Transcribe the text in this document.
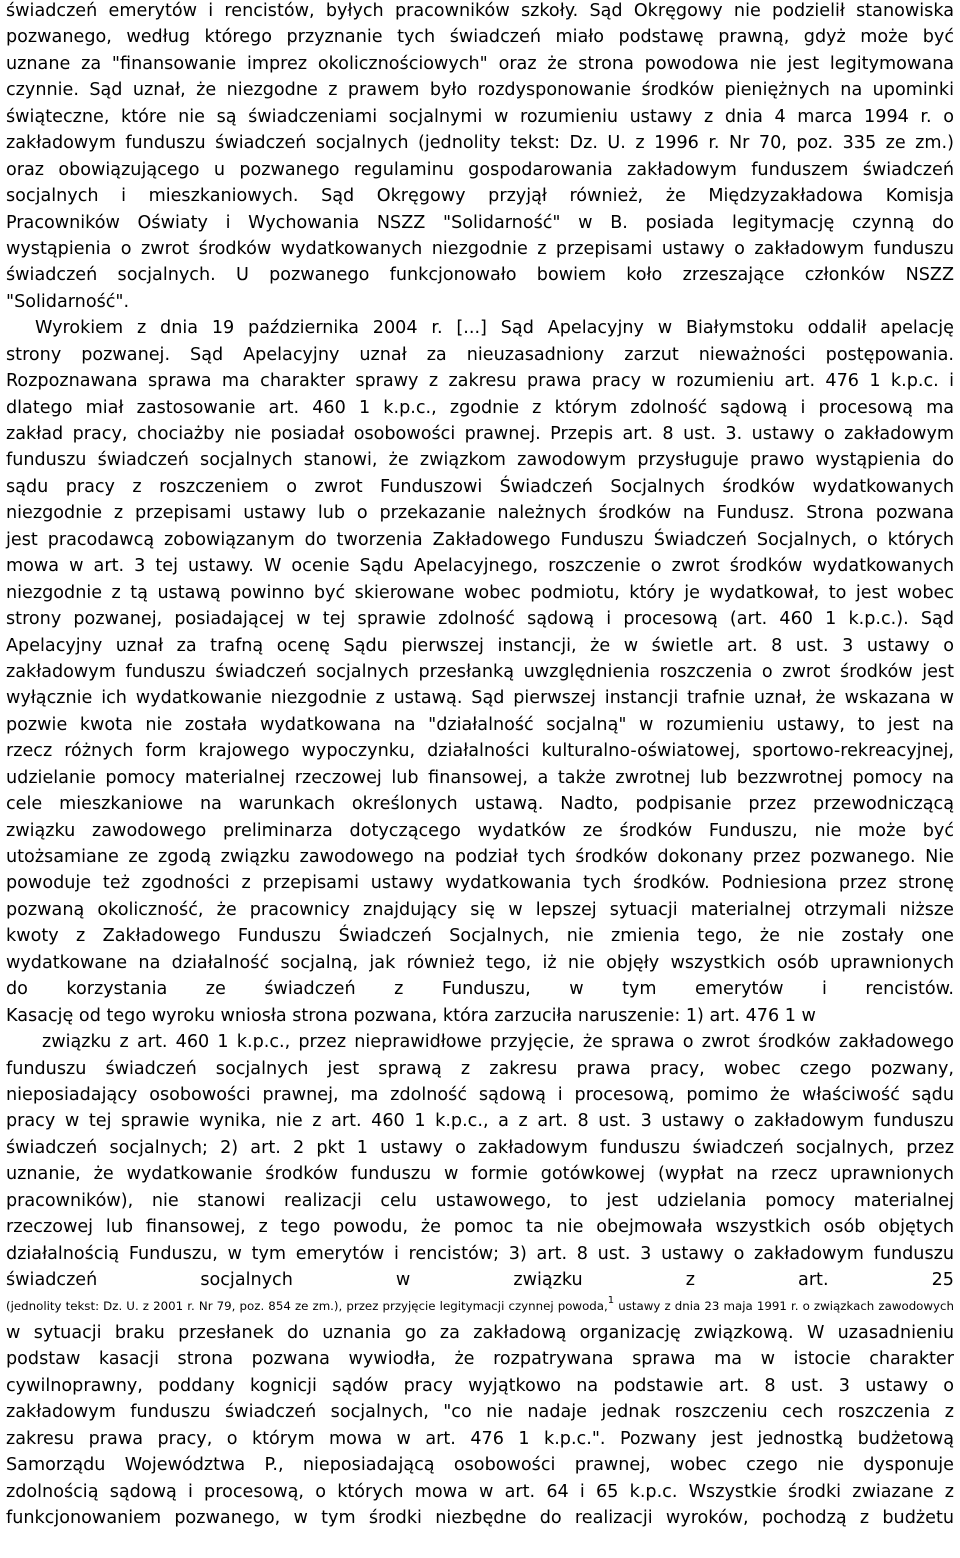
świadczeń emerytów i rencistów, byłych pracowników szkoły. Sąd Okręgowy nie podzielił stanowiska
pozwanego, według którego przyznanie tych świadczeń miało podstawę prawną, gdyż może być
uznane za "finansowanie imprez okolicznościowych" oraz że strona powodowa nie jest legitymowana
czynnie. Sąd uznał, że niezgodne z prawem było rozdysponowanie środków pieniężnych na upominki
świąteczne, które nie są świadczeniami socjalnymi w rozumieniu ustawy z dnia 4 marca 1994 r. o
zakładowym funduszu świadczeń socjalnych (jednolity tekst: Dz. U. z 1996 r. Nr 70, poz. 335 ze zm.)
oraz obowiązującego u pozwanego regulaminu gospodarowania zakładowym funduszem świadczeń
socjalnych i mieszkaniowych. Sąd Okręgowy przyjął również, że Międzyzakładowa Komisja
Pracowników Oświaty i Wychowania NSZZ "Solidarność" w B. posiada legitymację czynną do
wystąpienia o zwrot środków wydatkowanych niezgodnie z przepisami ustawy o zakładowym funduszu
świadczeń socjalnych. U pozwanego funkcjonowało bowiem koło zrzeszające członków NSZZ
"Solidarność".
Wyrokiem z dnia 19 października 2004 r. [...] Sąd Apelacyjny w Białymstoku oddalił apelację
strony pozwanej. Sąd Apelacyjny uznał za nieuzasadniony zarzut nieważności postępowania.
Rozpoznawana sprawa ma charakter sprawy z zakresu prawa pracy w rozumieniu art. 476 1 k.p.c. i
dlatego miał zastosowanie art. 460 1 k.p.c., zgodnie z którym zdolność sądową i procesową ma
zakład pracy, chociażby nie posiadał osobowości prawnej. Przepis art. 8 ust. 3. ustawy o zakładowym
funduszu świadczeń socjalnych stanowi, że związkom zawodowym przysługuje prawo wystąpienia do
sądu pracy z roszczeniem o zwrot Funduszowi Świadczeń Socjalnych środków wydatkowanych
niezgodnie z przepisami ustawy lub o przekazanie należnych środków na Fundusz. Strona pozwana
jest pracodawcą zobowiązanym do tworzenia Zakładowego Funduszu Świadczeń Socjalnych, o których
mowa w art. 3 tej ustawy. W ocenie Sądu Apelacyjnego, roszczenie o zwrot środków wydatkowanych
niezgodnie z tą ustawą powinno być skierowane wobec podmiotu, który je wydatkował, to jest wobec
strony pozwanej, posiadającej w tej sprawie zdolność sądową i procesową (art. 460 1 k.p.c.). Sąd
Apelacyjny uznał za trafną ocenę Sądu pierwszej instancji, że w świetle art. 8 ust. 3 ustawy o
zakładowym funduszu świadczeń socjalnych przesłanką uwzględnienia roszczenia o zwrot środków jest
wyłącznie ich wydatkowanie niezgodnie z ustawą. Sąd pierwszej instancji trafnie uznał, że wskazana w
pozwie kwota nie została wydatkowana na "działalność socjalną" w rozumieniu ustawy, to jest na
rzecz różnych form krajowego wypoczynku, działalności kulturalno-oświatowej, sportowo-rekreacyjnej,
udzielanie pomocy materialnej rzeczowej lub finansowej, a także zwrotnej lub bezzwrotnej pomocy na
cele mieszkaniowe na warunkach określonych ustawą. Nadto, podpisanie przez przewodniczącą
związku zawodowego preliminarza dotyczącego wydatków ze środków Funduszu, nie może być
utożsamiane ze zgodą związku zawodowego na podział tych środków dokonany przez pozwanego. Nie
powoduje też zgodności z przepisami ustawy wydatkowania tych środków. Podniesiona przez stronę
pozwaną okoliczność, że pracownicy znajdujący się w lepszej sytuacji materialnej otrzymali niższe
kwoty z Zakładowego Funduszu Świadczeń Socjalnych, nie zmienia tego, że nie zostały one
wydatkowane na działalność socjalną, jak również tego, iż nie objęły wszystkich osób uprawnionych
do korzystania ze świadczeń z Funduszu, w tym emerytów i rencistów.
Kasację od tego wyroku wniosła strona pozwana, która zarzuciła naruszenie: 1) art. 476 1 w
związku z art. 460 1 k.p.c., przez nieprawidłowe przyjęcie, że sprawa o zwrot środków zakładowego
funduszu świadczeń socjalnych jest sprawą z zakresu prawa pracy, wobec czego pozwany,
nieposiadający osobowości prawnej, ma zdolność sądową i procesową, pomimo że właściwość sądu
pracy w tej sprawie wynika, nie z art. 460 1 k.p.c., a z art. 8 ust. 3 ustawy o zakładowym funduszu
świadczeń socjalnych; 2) art. 2 pkt 1 ustawy o zakładowym funduszu świadczeń socjalnych, przez
uznanie, że wydatkowanie środków funduszu w formie gotówkowej (wypłat na rzecz uprawnionych
pracowników), nie stanowi realizacji celu ustawowego, to jest udzielania pomocy materialnej
rzeczowej lub finansowej, z tego powodu, że pomoc ta nie obejmowała wszystkich osób objętych
działalnością Funduszu, w tym emerytów i rencistów; 3) art. 8 ust. 3 ustawy o zakładowym funduszu
świadczeń socjalnych w związku z art. 25
(jednolity tekst: Dz. U. z 2001 r. Nr 79, poz. 854 ze zm.), przez przyjęcie legitymacji czynnej powoda,$^1$ ustawy z dnia 23 maja 1991 r. o związkach zawodowych
w sytuacji braku przesłanek do uznania go za zakładową organizację związkową. W uzasadnieniu
podstaw kasacji strona pozwana wywiodła, że rozpatrywana sprawa ma w istocie charakter
cywilnoprawny, poddany kognicji sądów pracy wyjątkowo na podstawie art. 8 ust. 3 ustawy o
zakładowym funduszu świadczeń socjalnych, "co nie nadaje jednak roszczeniu cech roszczenia z
zakresu prawa pracy, o którym mowa w art. 476 1 k.p.c.". Pozwany jest jednostką budżetową
Samorządu Województwa P., nieposiadającą osobowości prawnej, wobec czego nie dysponuje
zdolnością sądową i procesową, o których mowa w art. 64 i 65 k.p.c. Wszystkie środki zwiazane z
funkcjonowaniem pozwanego, w tym środki niezbędne do realizacji wyroków, pochodzą z budżetu
